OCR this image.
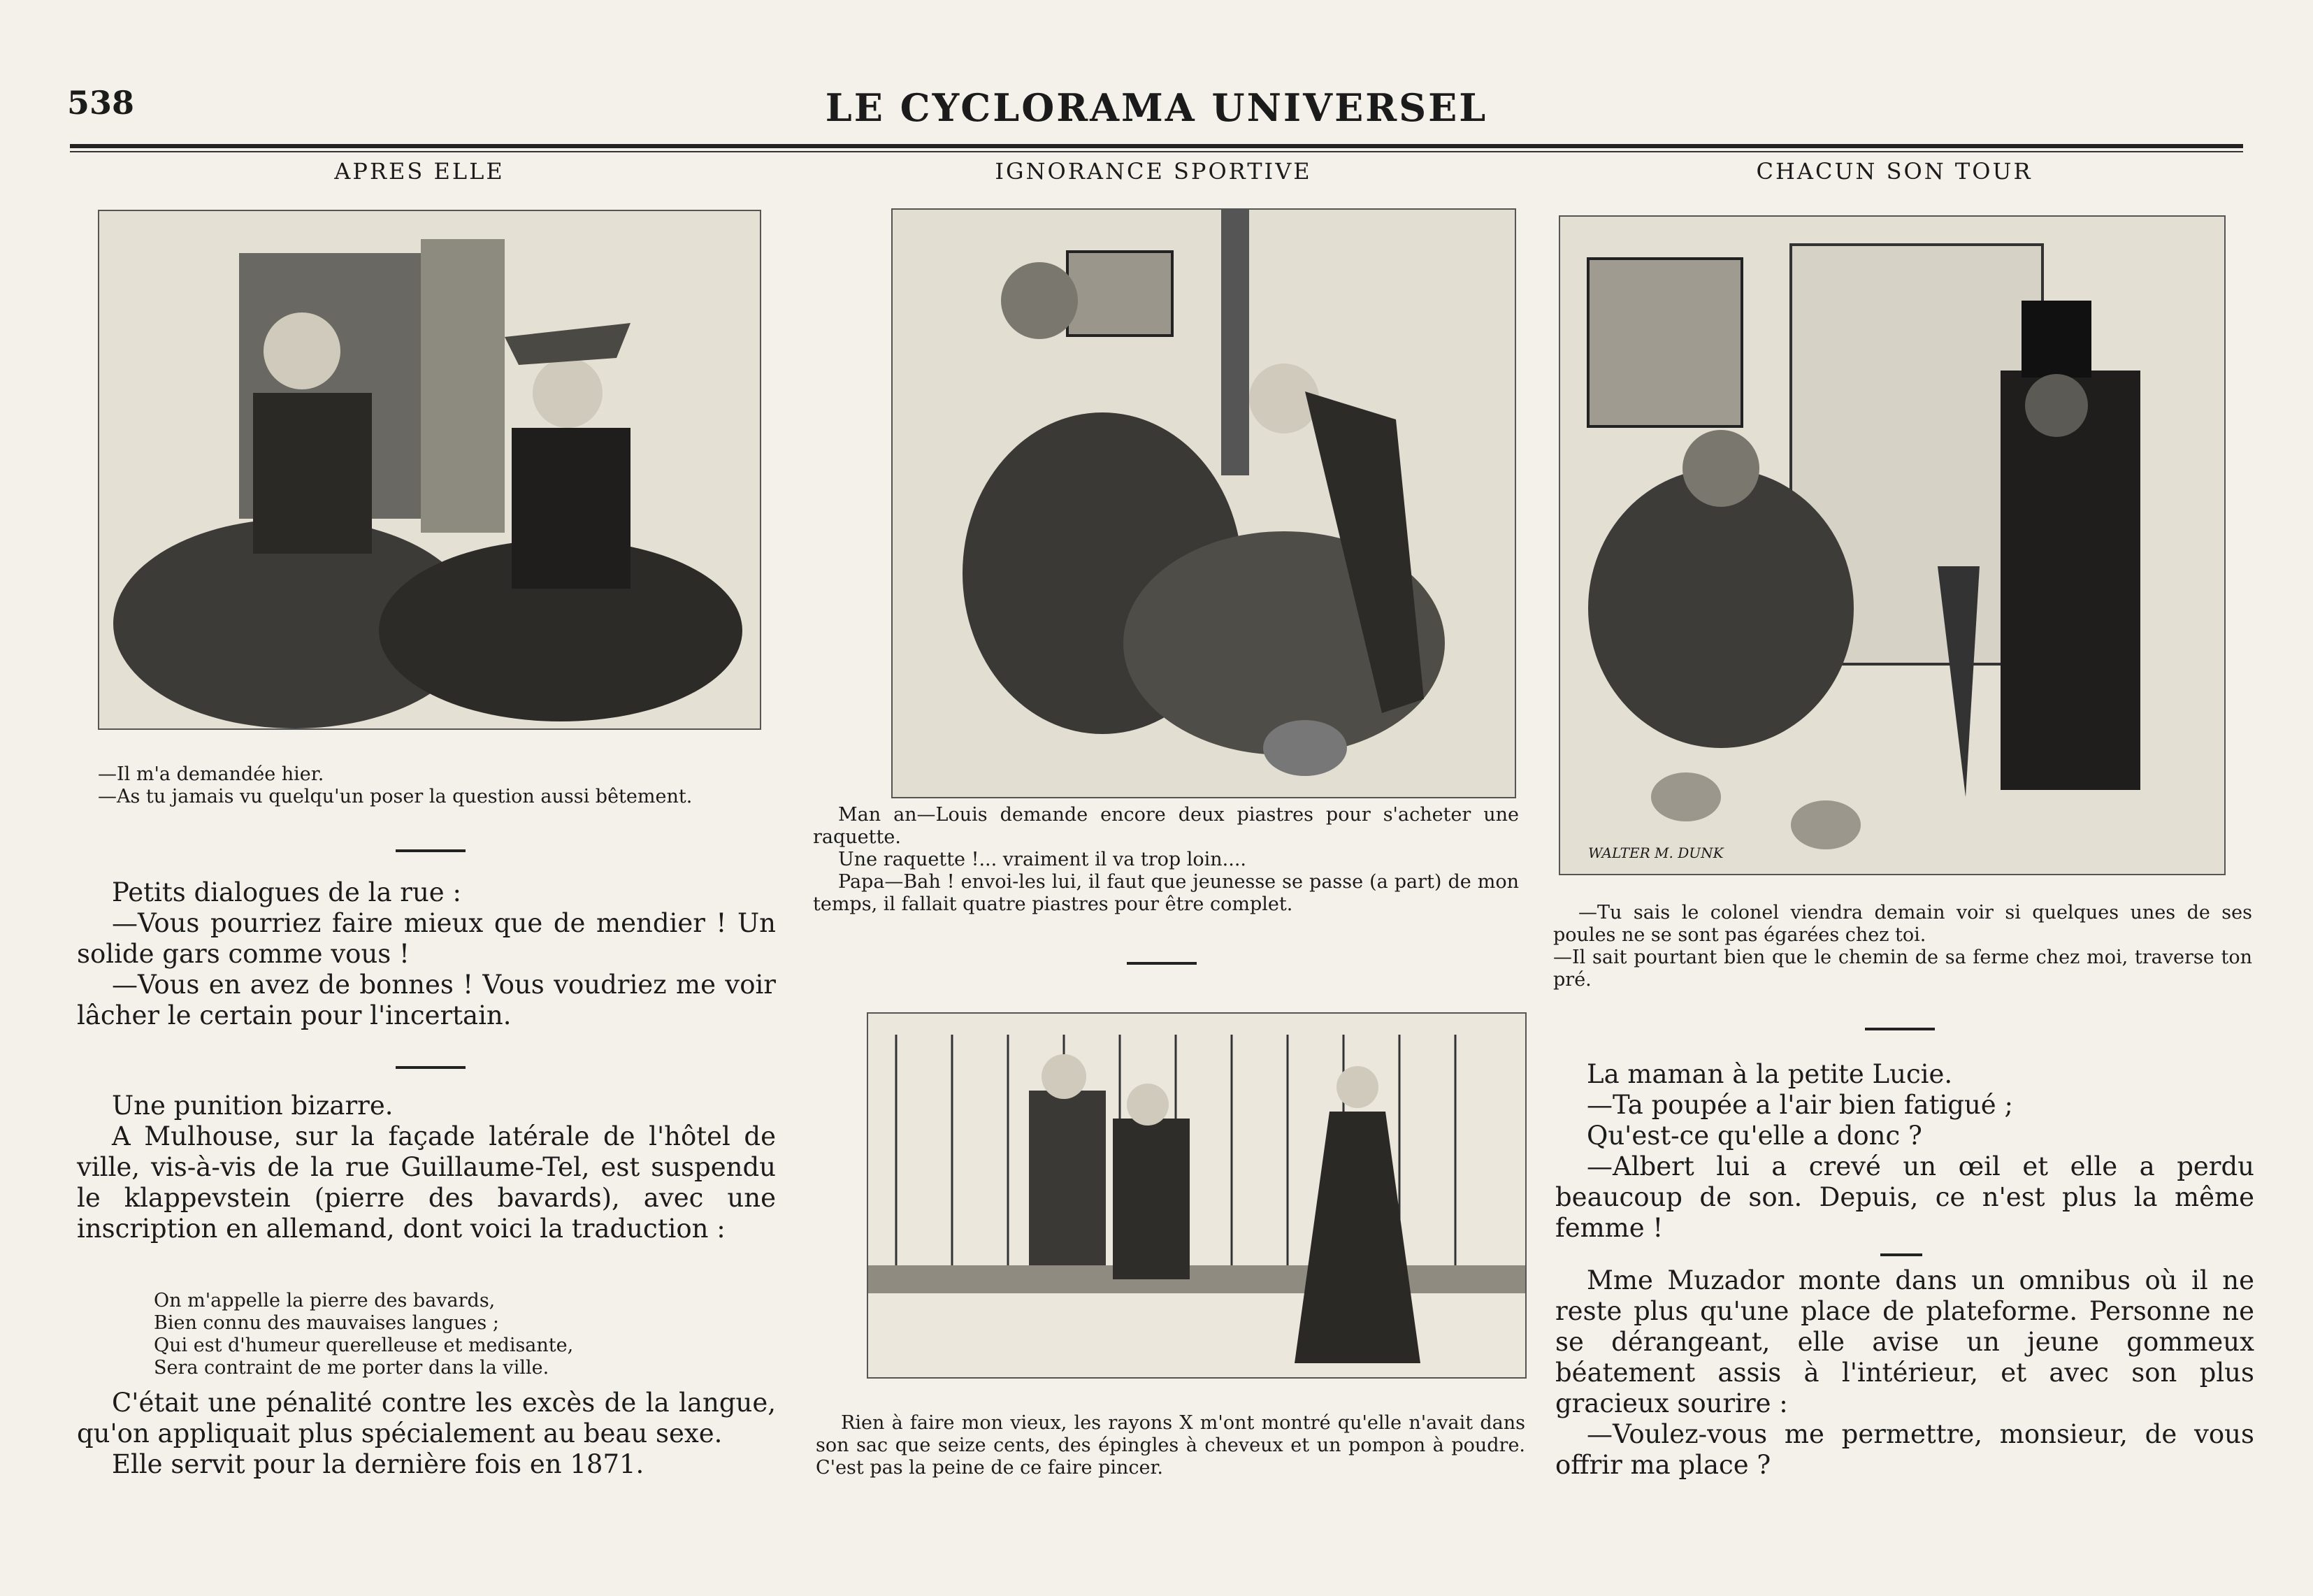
538	LE CYCLORAMA UNIVERSEL
APRES ELLE

—Il m'a demandée hier.

—As tu jamais vu quelqu'un poser la question aussi bêtement.

Petits dialogues de la rue :

—Vous pourriez faire mieux que de mendier ! Un solide gars comme vous !

—Vous en avez de bonnes ! Vous voudriez me voir lâcher le certain pour l'incertain.

Une punition bizarre.

A Mulhouse, sur la façade latérale de l'hôtel de ville, vis-à-vis de la rue Guillaume-Tel, est suspendu le klappevstein (pierre des bavards), avec une inscription en allemand, dont voici la traduction :

On m'appelle la pierre des bavards,

Bien connu des mauvaises langues ;

Qui est d'humeur querelleuse et medisante,

Sera contraint de me porter dans la ville.

C'était une pénalité contre les excès de la langue, qu'on appliquait plus spécialement au beau sexe.

Elle servit pour la dernière fois en 1871.

IGNORANCE SPORTIVE

Man an—Louis demande encore deux piastres pour s'acheter une raquette.

Une raquette !... vraiment il va trop loin....

Papa—Bah ! envoi-les lui, il faut que jeunesse se passe (a part) de mon temps, il fallait quatre piastres pour être complet.

Rien à faire mon vieux, les rayons X m'ont montré qu'elle n'avait dans son sac que seize cents, des épingles à cheveux et un pompon à poudre. C'est pas la peine de ce faire pincer.

CHACUN SON TOUR
WALTER M. DUNK

—Tu sais le colonel viendra demain voir si quelques unes de ses poules ne se sont pas égarées chez toi.

—Il sait pourtant bien que le chemin de sa ferme chez moi, traverse ton pré.

La maman à la petite Lucie.

—Ta poupée a l'air bien fatigué ;

Qu'est-ce qu'elle a donc ?

—Albert lui a crevé un œil et elle a perdu beaucoup de son. Depuis, ce n'est plus la même femme !

Mme Muzador monte dans un omnibus où il ne reste plus qu'une place de plateforme. Personne ne se dérangeant, elle avise un jeune gommeux béatement assis à l'intérieur, et avec son plus gracieux sourire :

—Voulez-vous me permettre, monsieur, de vous offrir ma place ?
